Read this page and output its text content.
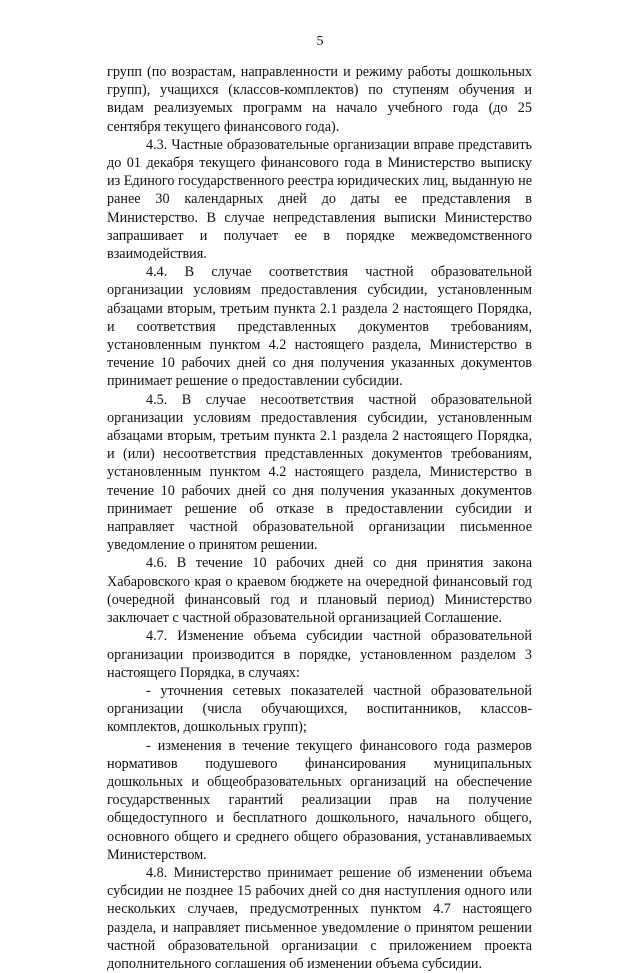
5

групп (по возрастам, направленности и режиму работы дошкольных групп), учащихся (классов-комплектов) по ступеням обучения и видам реализуемых программ на начало учебного года (до 25 сентября текущего финансового года).

4.3. Частные образовательные организации вправе представить до 01 декабря текущего финансового года в Министерство выписку из Единого государственного реестра юридических лиц, выданную не ранее 30 календарных дней до даты ее представления в Министерство. В случае непредставления выписки Министерство запрашивает и получает ее в порядке межведомственного взаимодействия.

4.4. В случае соответствия частной образовательной организации условиям предоставления субсидии, установленным абзацами вторым, третьим пункта 2.1 раздела 2 настоящего Порядка, и соответствия представленных документов требованиям, установленным пунктом 4.2 настоящего раздела, Министерство в течение 10 рабочих дней со дня получения указанных документов принимает решение о предоставлении субсидии.

4.5. В случае несоответствия частной образовательной организации условиям предоставления субсидии, установленным абзацами вторым, третьим пункта 2.1 раздела 2 настоящего Порядка, и (или) несоответствия представленных документов требованиям, установленным пунктом 4.2 настоящего раздела, Министерство в течение 10 рабочих дней со дня получения указанных документов принимает решение об отказе в предоставлении субсидии и направляет частной образовательной организации письменное уведомление о принятом решении.

4.6. В течение 10 рабочих дней со дня принятия закона Хабаровского края о краевом бюджете на очередной финансовый год (очередной финансовый год и плановый период) Министерство заключает с частной образовательной организацией Соглашение.

4.7. Изменение объема субсидии частной образовательной организации производится в порядке, установленном разделом 3 настоящего Порядка, в случаях:

- уточнения сетевых показателей частной образовательной организации (числа обучающихся, воспитанников, классов-комплектов, дошкольных групп);

- изменения в течение текущего финансового года размеров нормативов подушевого финансирования муниципальных дошкольных и общеобразовательных организаций на обеспечение государственных гарантий реализации прав на получение общедоступного и бесплатного дошкольного, начального общего, основного общего и среднего общего образования, устанавливаемых Министерством.

4.8. Министерство принимает решение об изменении объема субсидии не позднее 15 рабочих дней со дня наступления одного или нескольких случаев, предусмотренных пунктом 4.7 настоящего раздела, и направляет письменное уведомление о принятом решении частной образовательной организации с приложением проекта дополнительного соглашения об изменении объема субсидии.
